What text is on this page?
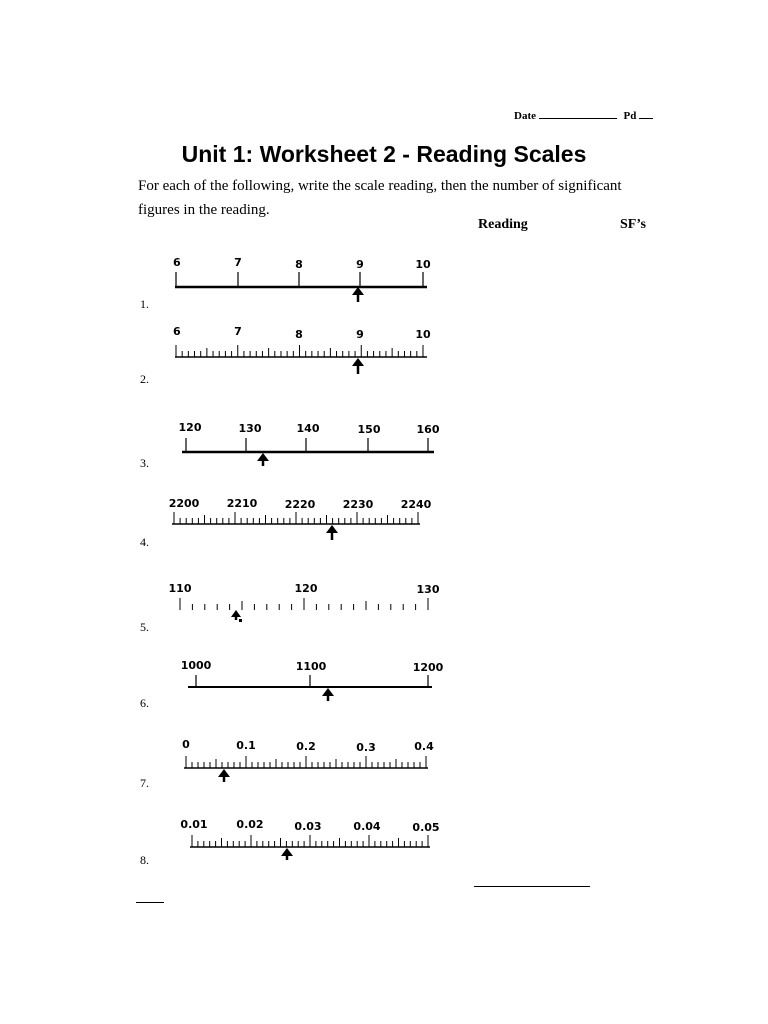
Date	Pd
Unit 1: Worksheet 2 - Reading Scales
For each of the following, write the scale reading, then the number of significant figures in the reading.
Reading	SF’s
1.
6	7	8	9	10
2.
6	7	8	9	10
3.
120	130	140	150	160
4.
2200 2210 2220 2230 2240
5.
110	120	130
6.
1000	1100	1200
7.
0	0.1	0.2	0.3	0.4
8.
0.01	0.02	0.03	0.04	0.05
